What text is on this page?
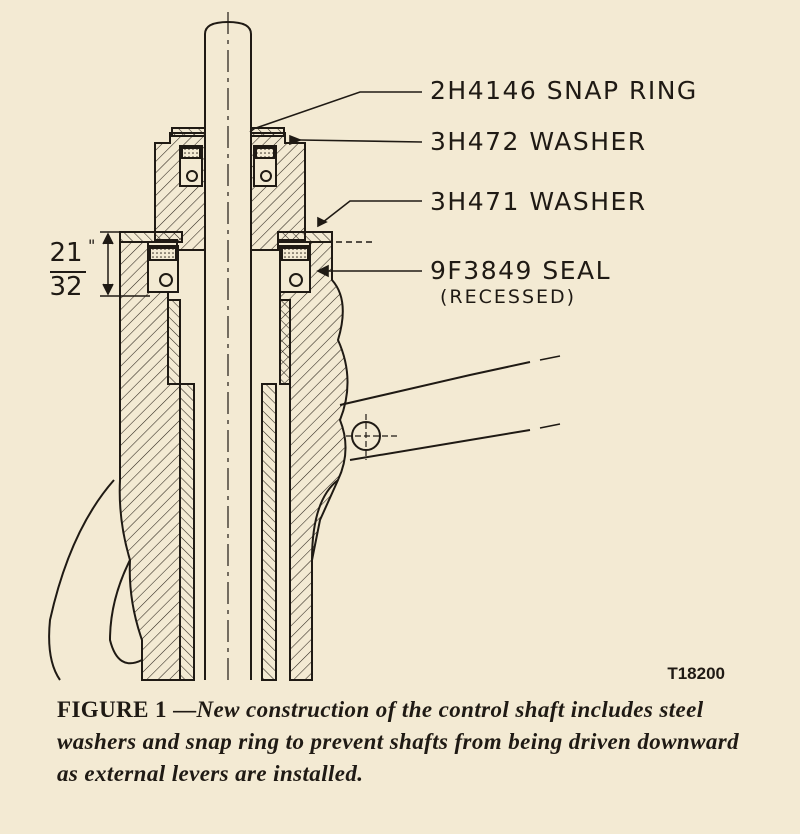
2H4146 SNAP RING
3H472 WASHER
3H471 WASHER
9F3849 SEAL
(RECESSED)
21 "
32
T18200
FIGURE 1 —New construction of the control shaft includes steel washers and snap ring to prevent shafts from being driven downward as external levers are installed.
